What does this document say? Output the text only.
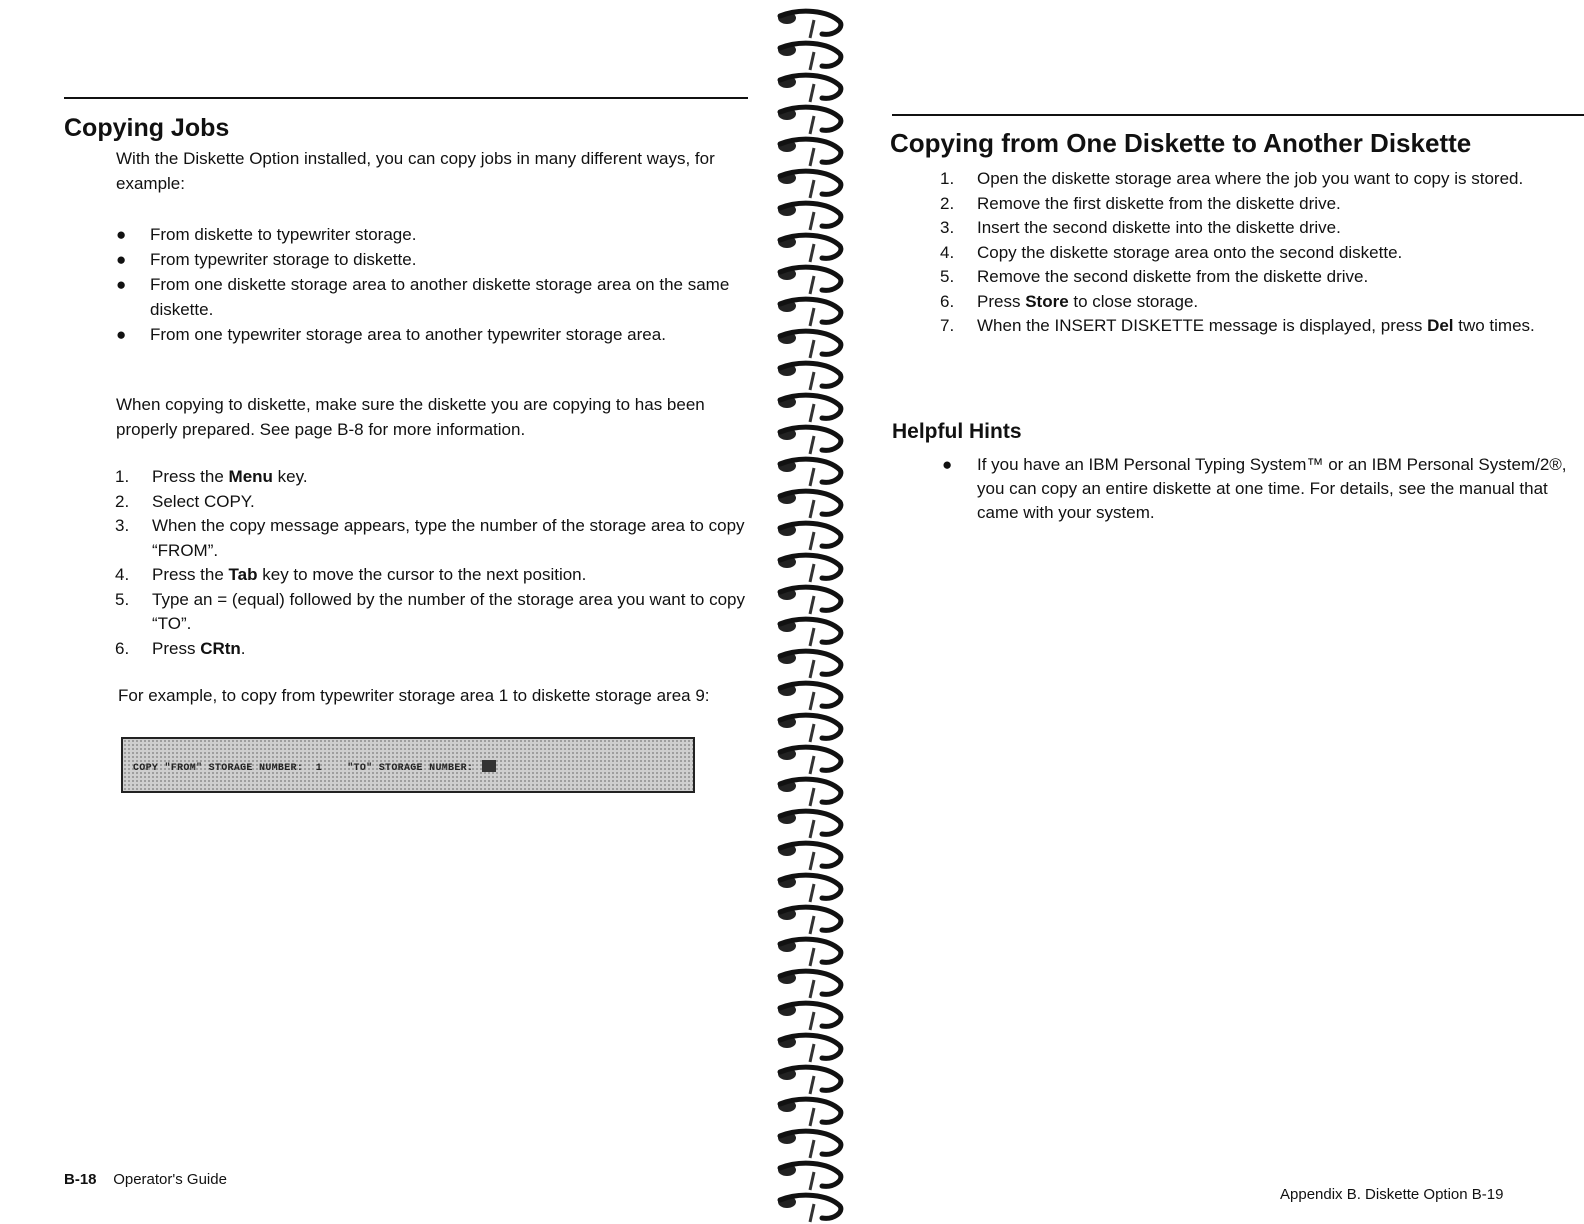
Copying Jobs

With the Diskette Option installed, you can copy jobs in many different ways, for example:

● From diskette to typewriter storage.
● From typewriter storage to diskette.
● From one diskette storage area to another diskette storage area on the same diskette.
● From one typewriter storage area to another typewriter storage area.

When copying to diskette, make sure the diskette you are copying to has been properly prepared. See page B-8 for more information.

1. Press the Menu key.
2. Select COPY.
3. When the copy message appears, type the number of the storage area to copy “FROM”.
4. Press the Tab key to move the cursor to the next position.
5. Type an = (equal) followed by the number of the storage area you want to copy “TO”.
6. Press CRtn.

For example, to copy from typewriter storage area 1 to diskette storage area 9:

COPY "FROM" STORAGE NUMBER:  1    "TO" STORAGE NUMBER:
B-18 Operator's Guide
Copying from One Diskette to Another Diskette
1. Open the diskette storage area where the job you want to copy is stored.
2. Remove the first diskette from the diskette drive.
3. Insert the second diskette into the diskette drive.
4. Copy the diskette storage area onto the second diskette.
5. Remove the second diskette from the diskette drive.
6. Press Store to close storage.
7. When the INSERT DISKETTE message is displayed, press Del two times.
Helpful Hints
● If you have an IBM Personal Typing System™ or an IBM Personal System/2®, you can copy an entire diskette at one time. For details, see the manual that came with your system.
Appendix B. Diskette Option B-19
